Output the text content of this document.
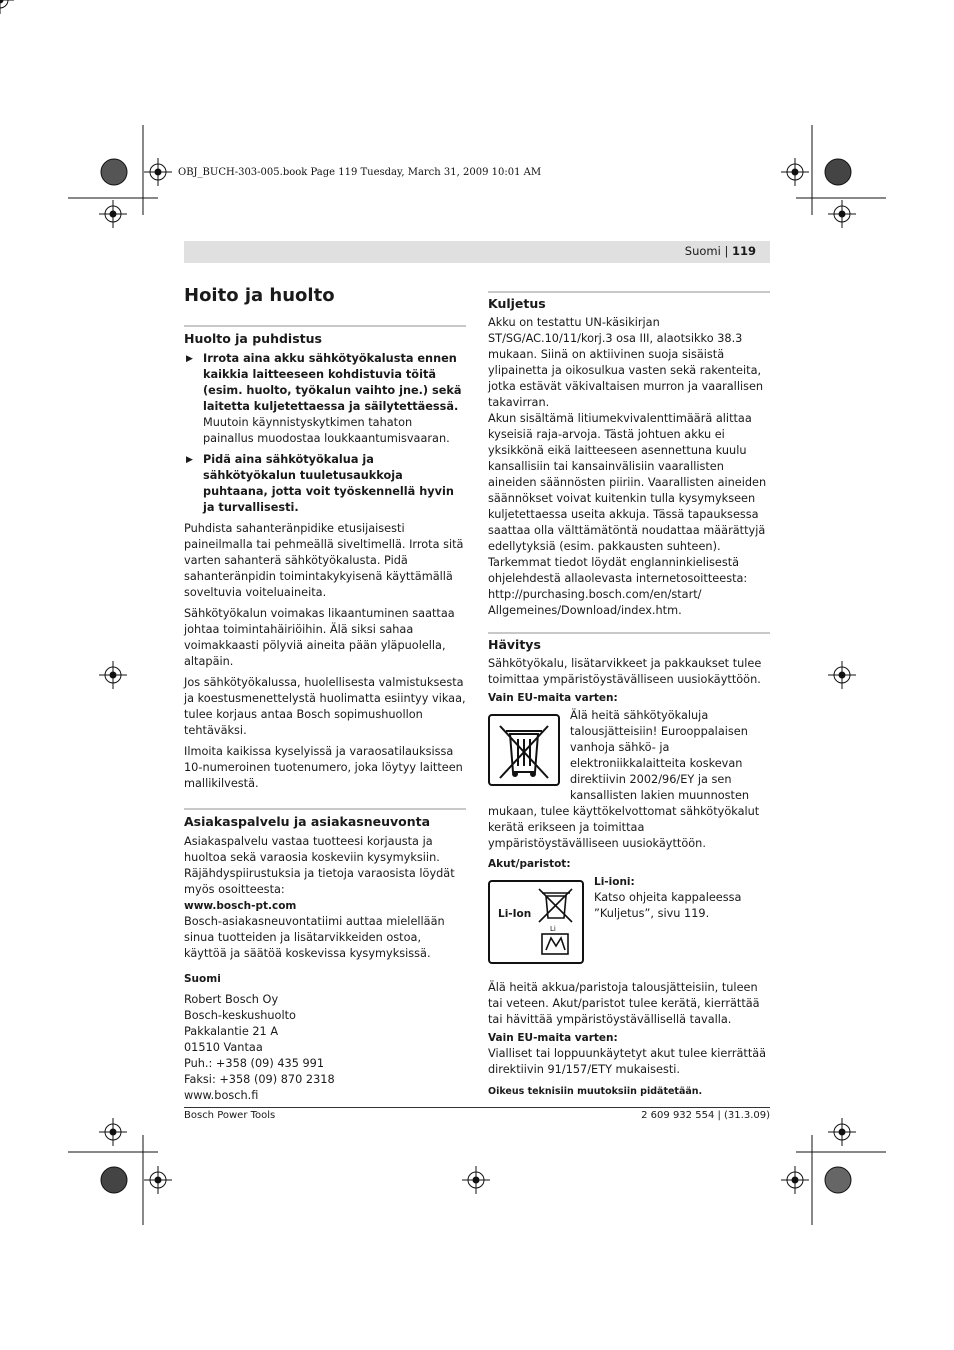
OBJ_BUCH-303-005.book Page 119 Tuesday, March 31, 2009 10:01 AM
Suomi | 119
Hoito ja huolto
Huolto ja puhdistus
▶ Irrota aina akku sähkötyökalusta ennen kaikkia laitteeseen kohdistuvia töitä (esim. huolto, työkalun vaihto jne.) sekä laitetta kuljetettaessa ja säilytettäessä. Muutoin käynnistyskytkimen tahaton painallus muodostaa loukkaantumisvaaran.
▶ Pidä aina sähkötyökalua ja sähkötyökalun tuuletusaukkoja puhtaana, jotta voit työskennellä hyvin ja turvallisesti.

Puhdista sahanteränpidike etusijaisesti paineilmalla tai pehmeällä siveltimellä. Irrota sitä varten sahanterä sähkötyökalusta. Pidä sahanteränpidin toimintakykyisenä käyttämällä soveltuvia voiteluaineita.

Sähkötyökalun voimakas likaantuminen saattaa johtaa toimintahäiriöihin. Älä siksi sahaa voimakkaasti pölyviä aineita pään yläpuolella, altapäin.

Jos sähkötyökalussa, huolellisesta valmistuksesta ja koestusmenettelystä huolimatta esiintyy vikaa, tulee korjaus antaa Bosch sopimushuollon tehtäväksi.

Ilmoita kaikissa kyselyissä ja varaosatilauksissa 10-numeroinen tuotenumero, joka löytyy laitteen mallikilvestä.

Asiakaspalvelu ja asiakasneuvonta

Asiakaspalvelu vastaa tuotteesi korjausta ja huoltoa sekä varaosia koskeviin kysymyksiin. Räjähdyspiirustuksia ja tietoja varaosista löydät myös osoitteesta:

www.bosch-pt.com

Bosch-asiakasneuvontatiimi auttaa mielellään sinua tuotteiden ja lisätarvikkeiden ostoa, käyttöä ja säätöä koskevissa kysymyksissä.

Suomi

Robert Bosch Oy
Bosch-keskushuolto
Pakkalantie 21 A
01510 Vantaa
Puh.: +358 (09) 435 991
Faksi: +358 (09) 870 2318
www.bosch.fi
Kuljetus

Akku on testattu UN-käsikirjan ST/SG/AC.10/11/korj.3 osa III, alaotsikko 38.3 mukaan. Siinä on aktiivinen suoja sisäistä ylipainetta ja oikosulkua vasten sekä rakenteita, jotka estävät väkivaltaisen murron ja vaarallisen takavirran.

Akun sisältämä litiumekvivalenttimäärä alittaa kyseisiä raja-arvoja. Tästä johtuen akku ei yksikkönä eikä laitteeseen asennettuna kuulu kansallisiin tai kansainvälisiin vaarallisten aineiden säännösten piiriin. Vaarallisten aineiden säännökset voivat kuitenkin tulla kysymykseen kuljetettaessa useita akkuja. Tässä tapauksessa saattaa olla välttämätöntä noudattaa määrättyjä edellytyksiä (esim. pakkausten suhteen). Tarkemmat tiedot löydät englanninkielisestä ohjelehdestä allaolevasta internetosoitteesta:

http://purchasing.bosch.com/en/start/

Allgemeines/Download/index.htm.

Hävitys

Sähkötyökalu, lisätarvikkeet ja pakkaukset tulee toimittaa ympäristöystävälliseen uusiokäyttöön.

Vain EU-maita varten:

Älä heitä sähkötyökaluja talousjätteisiin! Eurooppalaisen vanhoja sähkö- ja elektroniikkalaitteita koskevan direktiivin 2002/96/EY ja sen kansallisten lakien muunnosten mukaan, tulee käyttökelvottomat sähkötyökalut kerätä erikseen ja toimittaa ympäristöystävälliseen uusiokäyttöön.

Akut/paristot:

Li-Ion
Li

Li-ioni:

Katso ohjeita kappaleessa ”Kuljetus”, sivu 119.

Älä heitä akkua/paristoja talousjätteisiin, tuleen tai veteen. Akut/paristot tulee kerätä, kierrättää tai hävittää ympäristöystävällisellä tavalla.

Vain EU-maita varten:

Vialliset tai loppuunkäytetyt akut tulee kierrättää direktiivin 91/157/ETY mukaisesti.

Oikeus teknisiin muutoksiin pidätetään.

Bosch Power Tools	2 609 932 554 | (31.3.09)
